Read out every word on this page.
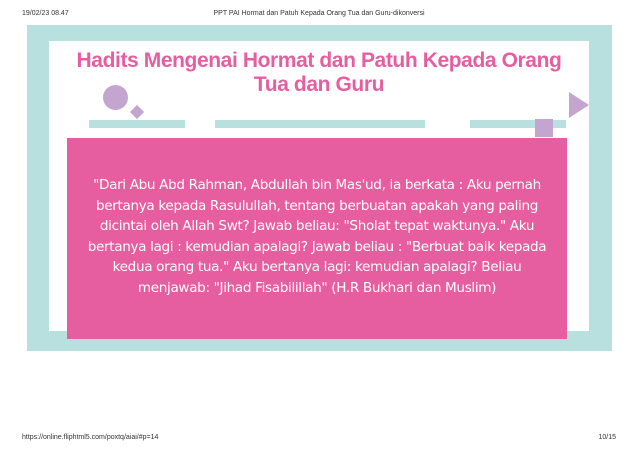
19/02/23 08.47	PPT PAI Hormat dan Patuh Kepada Orang Tua dan Guru-dikonversi
Hadits Mengenai Hormat dan Patuh Kepada Orang
Tua dan Guru
"Dari Abu Abd Rahman, Abdullah bin Mas'ud, ia berkata : Aku pernah bertanya kepada Rasulullah, tentang berbuatan apakah yang paling dicintai oleh Allah Swt? Jawab beliau: "Sholat tepat waktunya." Aku bertanya lagi : kemudian apalagi? Jawab beliau : "Berbuat baik kepada kedua orang tua." Aku bertanya lagi: kemudian apalagi? Beliau menjawab: "Jihad Fisabilillah" (H.R Bukhari dan Muslim)
https://online.fliphtml5.com/poxtq/aiai/#p=14	10/15
